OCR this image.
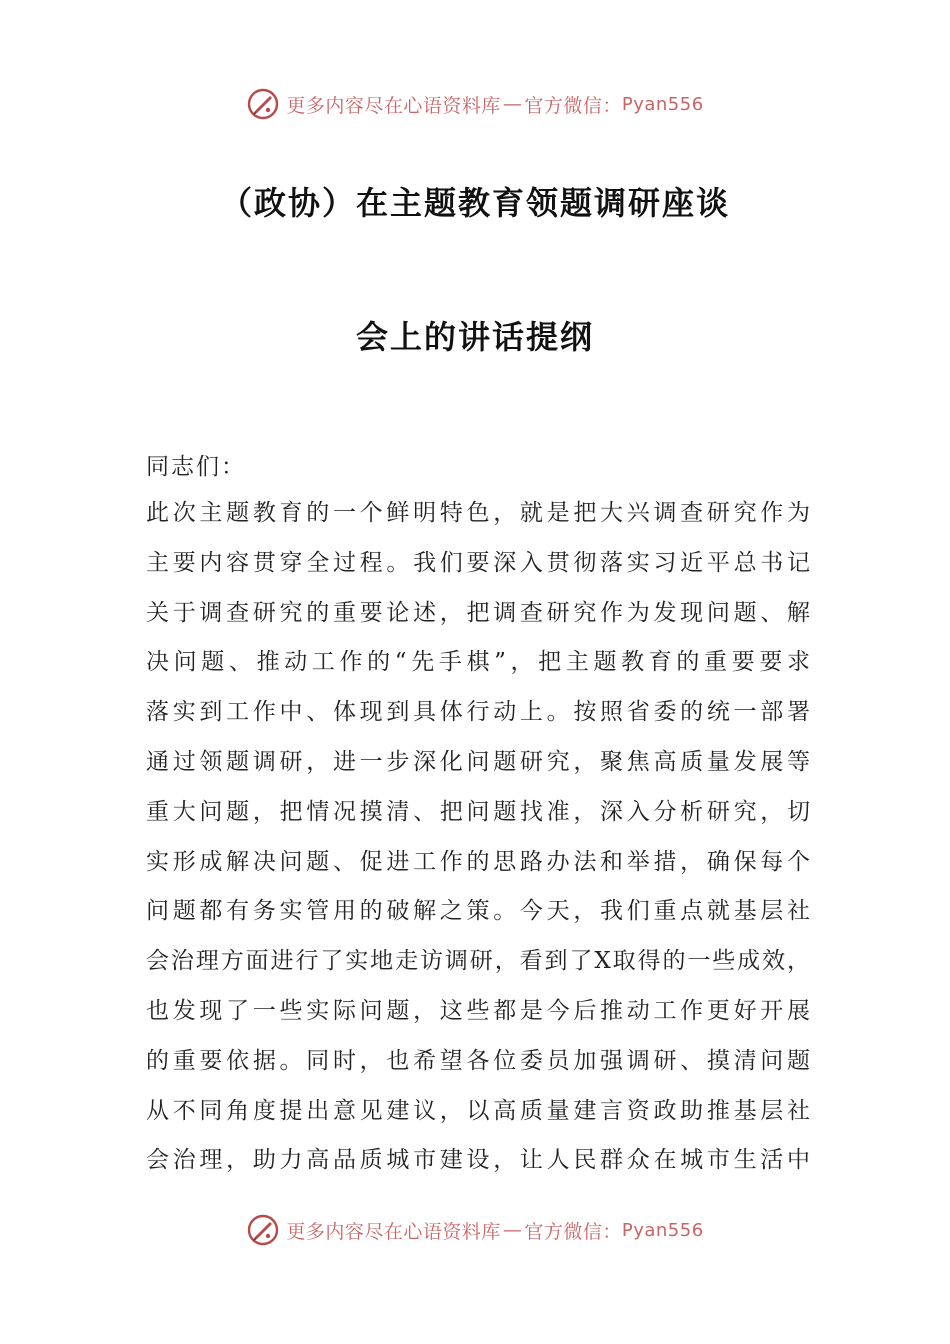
更多内容尽在心语资料库 — 官方微信： Pyan556
（政协）在主题教育领题调研座谈
会上的讲话提纲
同志们：
此次主题教育的一个鲜明特色，就是把大兴调查研究作为
主要内容贯穿全过程。我们要深入贯彻落实习近平总书记
关于调查研究的重要论述，把调查研究作为发现问题、解
决问题、推动工作的“先手棋”，把主题教育的重要要求
落实到工作中、体现到具体行动上。按照省委的统一部署
通过领题调研，进一步深化问题研究，聚焦高质量发展等
重大问题，把情况摸清、把问题找准，深入分析研究，切
实形成解决问题、促进工作的思路办法和举措，确保每个
问题都有务实管用的破解之策。今天，我们重点就基层社
会治理方面进行了实地走访调研，看到了X取得的一些成效，
也发现了一些实际问题，这些都是今后推动工作更好开展
的重要依据。同时，也希望各位委员加强调研、摸清问题
从不同角度提出意见建议，以高质量建言资政助推基层社
会治理，助力高品质城市建设，让人民群众在城市生活中
更多内容尽在心语资料库 — 官方微信： Pyan556
